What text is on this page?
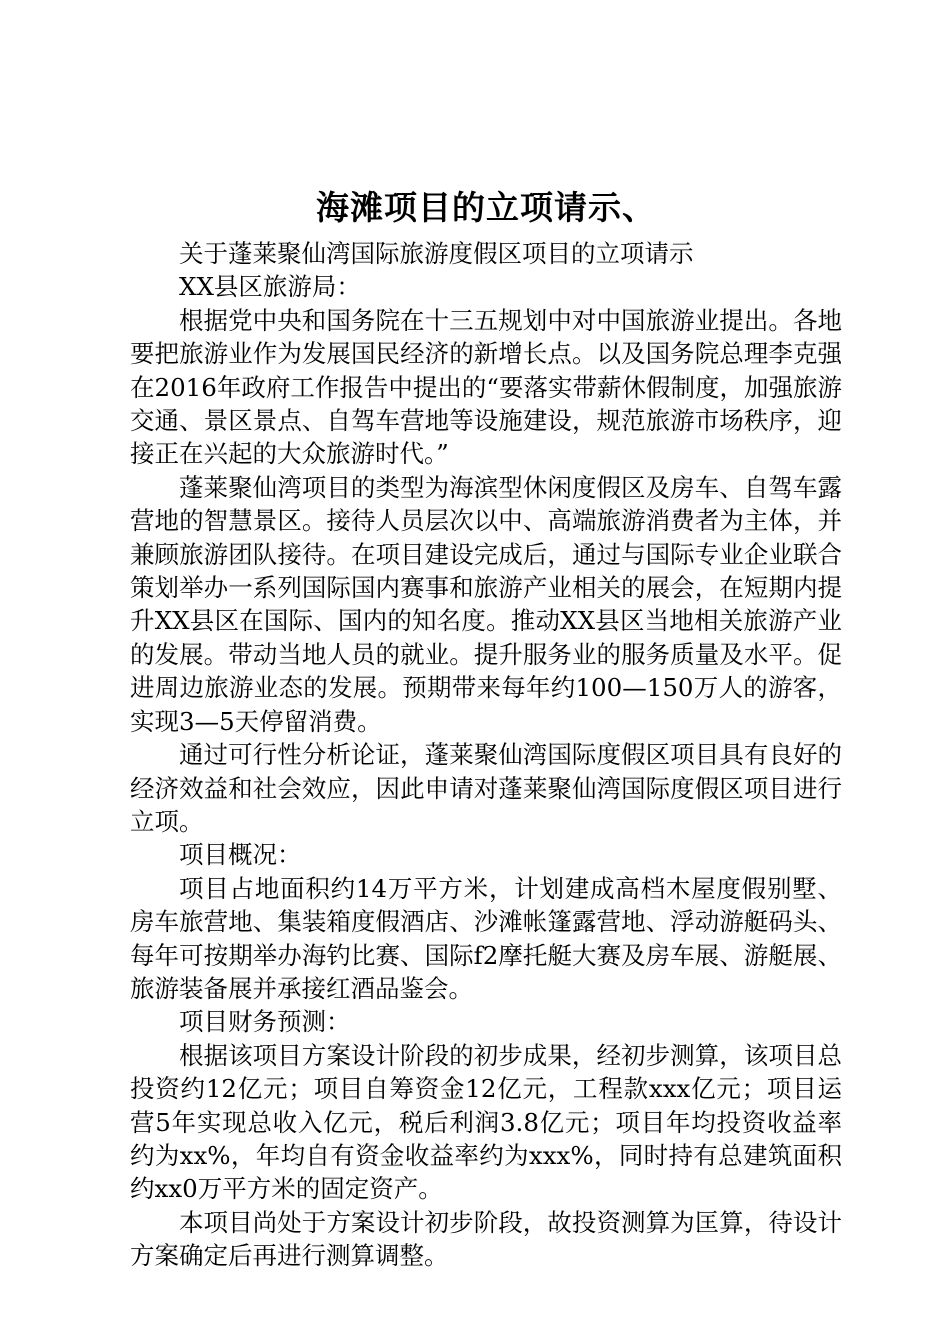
海滩项目的立项请示、

关于蓬莱聚仙湾国际旅游度假区项目的立项请示

XX县区旅游局：

根据党中央和国务院在十三五规划中对中国旅游业提出。各地要把旅游业作为发展国民经济的新增长点。以及国务院总理李克强在2016年政府工作报告中提出的“要落实带薪休假制度，加强旅游交通、景区景点、自驾车营地等设施建设，规范旅游市场秩序，迎接正在兴起的大众旅游时代。”

蓬莱聚仙湾项目的类型为海滨型休闲度假区及房车、自驾车露营地的智慧景区。接待人员层次以中、高端旅游消费者为主体，并兼顾旅游团队接待。在项目建设完成后，通过与国际专业企业联合策划举办一系列国际国内赛事和旅游产业相关的展会，在短期内提升XX县区在国际、国内的知名度。推动XX县区当地相关旅游产业的发展。带动当地人员的就业。提升服务业的服务质量及水平。促进周边旅游业态的发展。预期带来每年约100—150万人的游客，实现3—5天停留消费。

通过可行性分析论证，蓬莱聚仙湾国际度假区项目具有良好的经济效益和社会效应，因此申请对蓬莱聚仙湾国际度假区项目进行立项。

项目概况：

项目占地面积约14万平方米，计划建成高档木屋度假别墅、房车旅营地、集装箱度假酒店、沙滩帐篷露营地、浮动游艇码头、每年可按期举办海钓比赛、国际f2摩托艇大赛及房车展、游艇展、旅游装备展并承接红酒品鉴会。

项目财务预测：

根据该项目方案设计阶段的初步成果，经初步测算，该项目总投资约12亿元；项目自筹资金12亿元，工程款xxx亿元；项目运营5年实现总收入亿元，税后利润3.8亿元；项目年均投资收益率约为xx%，年均自有资金收益率约为xxx%，同时持有总建筑面积约xx0万平方米的固定资产。

本项目尚处于方案设计初步阶段，故投资测算为匡算，待设计方案确定后再进行测算调整。
